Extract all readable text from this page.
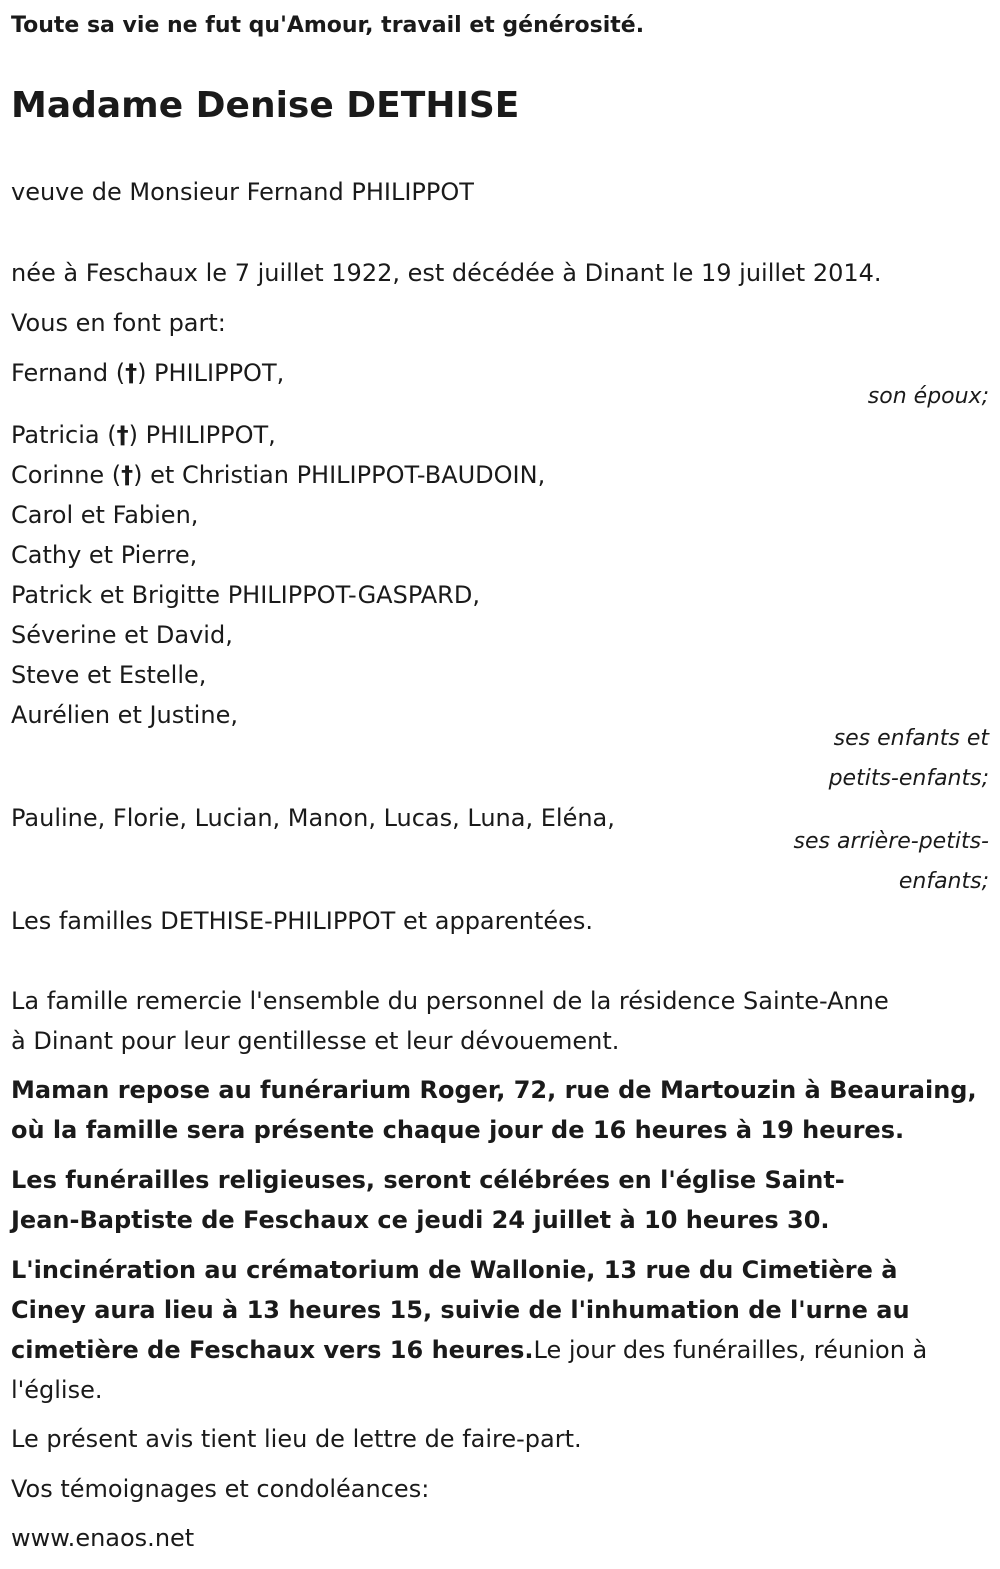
Toute sa vie ne fut qu'Amour, travail et générosité.

Madame Denise DETHISE

veuve de Monsieur Fernand PHILIPPOT

née à Feschaux le 7 juillet 1922, est décédée à Dinant le 19 juillet 2014.

Vous en font part:

Fernand (†) PHILIPPOT,

son époux;

Patricia (†) PHILIPPOT,

Corinne (†) et Christian PHILIPPOT-BAUDOIN,

Carol et Fabien,

Cathy et Pierre,

Patrick et Brigitte PHILIPPOT-GASPARD,

Séverine et David,

Steve et Estelle,

Aurélien et Justine,

ses enfants et

petits-enfants;

Pauline, Florie, Lucian, Manon, Lucas, Luna, Eléna,

ses arrière-petits-

enfants;

Les familles DETHISE-PHILIPPOT et apparentées.

La famille remercie l'ensemble du personnel de la résidence Sainte-Anne

à Dinant pour leur gentillesse et leur dévouement.

Maman repose au funérarium Roger, 72, rue de Martouzin à Beauraing,

où la famille sera présente chaque jour de 16 heures à 19 heures.

Les funérailles religieuses, seront célébrées en l'église Saint-

Jean-Baptiste de Feschaux ce jeudi 24 juillet à 10 heures 30.

L'incinération au crématorium de Wallonie, 13 rue du Cimetière à

Ciney aura lieu à 13 heures 15, suivie de l'inhumation de l'urne au

cimetière de Feschaux vers 16 heures.Le jour des funérailles, réunion à

l'église.

Le présent avis tient lieu de lettre de faire-part.

Vos témoignages et condoléances:

www.enaos.net
